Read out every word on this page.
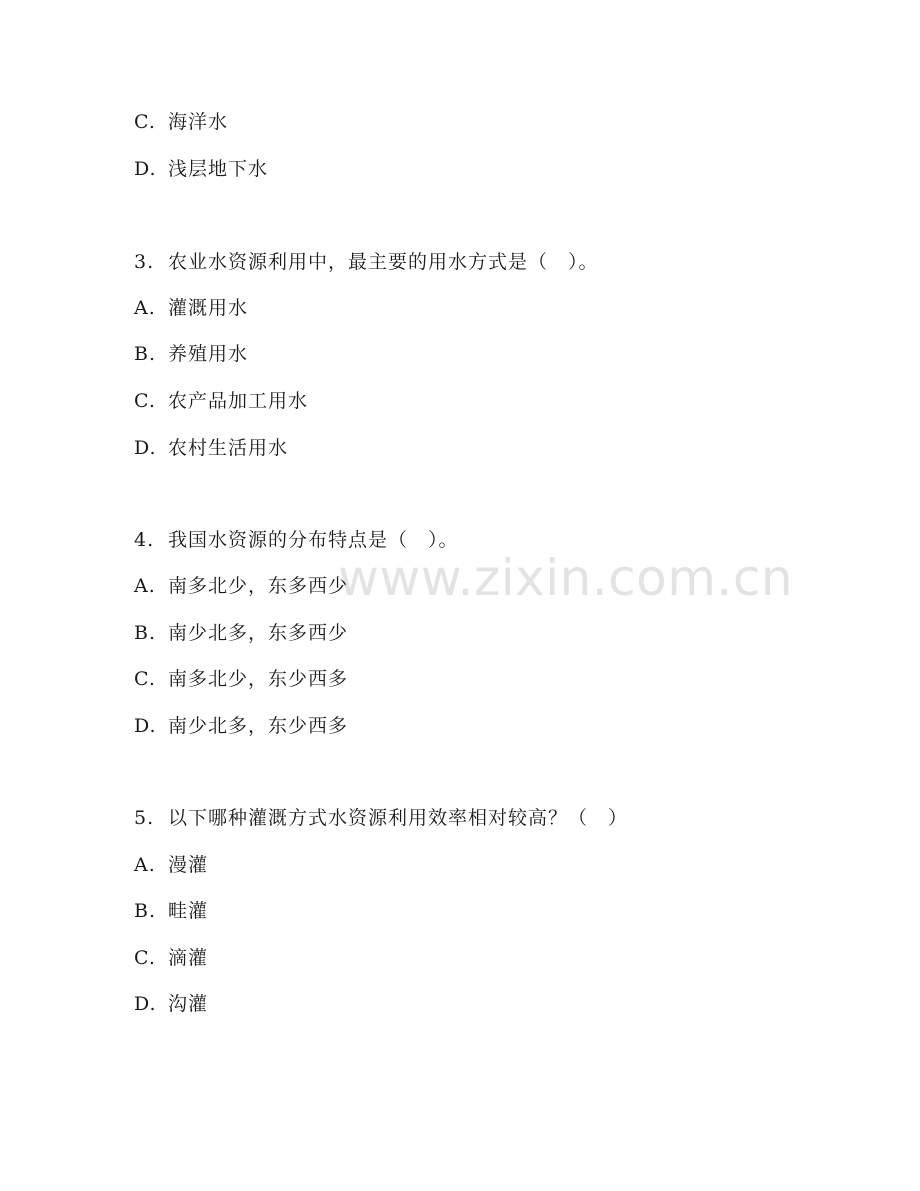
www.zixin.com.cn
C. 海洋水
D. 浅层地下水
3. 农业水资源利用中，最主要的用水方式是（　）。
A. 灌溉用水
B. 养殖用水
C. 农产品加工用水
D. 农村生活用水
4. 我国水资源的分布特点是（　）。
A. 南多北少，东多西少
B. 南少北多，东多西少
C. 南多北少，东少西多
D. 南少北多，东少西多
5. 以下哪种灌溉方式水资源利用效率相对较高？（　）
A. 漫灌
B. 畦灌
C. 滴灌
D. 沟灌
